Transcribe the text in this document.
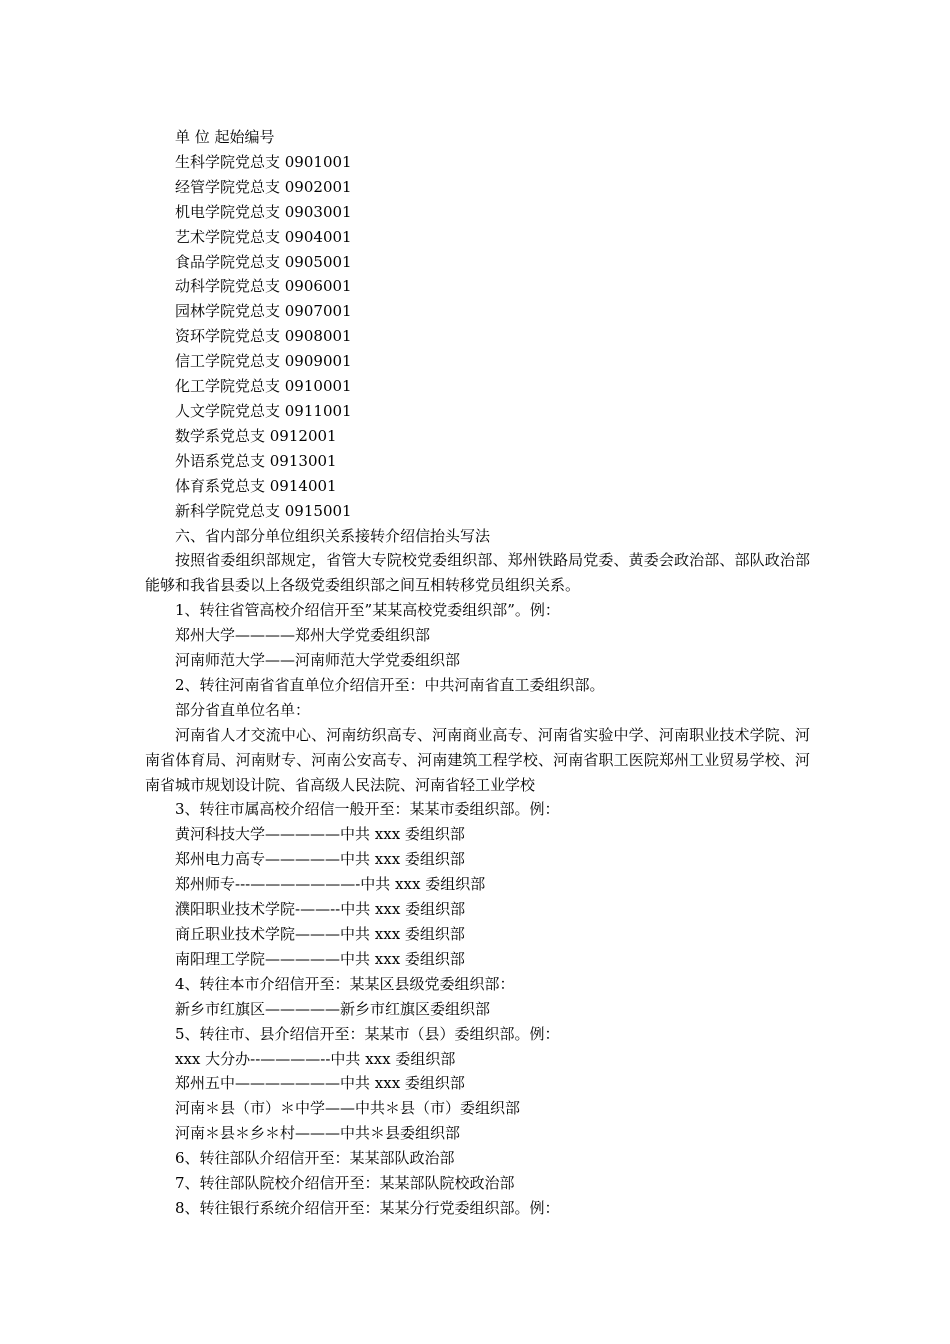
单 位 起始编号

生科学院党总支 0901001

经管学院党总支 0902001

机电学院党总支 0903001

艺术学院党总支 0904001

食品学院党总支 0905001

动科学院党总支 0906001

园林学院党总支 0907001

资环学院党总支 0908001

信工学院党总支 0909001

化工学院党总支 0910001

人文学院党总支 0911001

数学系党总支 0912001

外语系党总支 0913001

体育系党总支 0914001

新科学院党总支 0915001

六、省内部分单位组织关系接转介绍信抬头写法

按照省委组织部规定，省管大专院校党委组织部、郑州铁路局党委、黄委会政治部、部队政治部能够和我省县委以上各级党委组织部之间互相转移党员组织关系。

1、转往省管高校介绍信开至”某某高校党委组织部”。例：

郑州大学————郑州大学党委组织部

河南师范大学——河南师范大学党委组织部

2、转往河南省省直单位介绍信开至：中共河南省直工委组织部。

部分省直单位名单：

河南省人才交流中心、河南纺织高专、河南商业高专、河南省实验中学、河南职业技术学院、河南省体育局、河南财专、河南公安高专、河南建筑工程学校、河南省职工医院郑州工业贸易学校、河南省城市规划设计院、省高级人民法院、河南省轻工业学校

3、转往市属高校介绍信一般开至：某某市委组织部。例：

黄河科技大学—————中共 xxx 委组织部

郑州电力高专—————中共 xxx 委组织部

郑州师专---———————-中共 xxx 委组织部

濮阳职业技术学院-——--中共 xxx 委组织部

商丘职业技术学院———中共 xxx 委组织部

南阳理工学院—————中共 xxx 委组织部

4、转往本市介绍信开至：某某区县级党委组织部：

新乡市红旗区—————新乡市红旗区委组织部

5、转往市、县介绍信开至：某某市（县）委组织部。例：

xxx 大分办--————--中共 xxx 委组织部

郑州五中———————中共 xxx 委组织部

河南＊县（市）＊中学——中共＊县（市）委组织部

河南＊县＊乡＊村———中共＊县委组织部

6、转往部队介绍信开至：某某部队政治部

7、转往部队院校介绍信开至：某某部队院校政治部

8、转往银行系统介绍信开至：某某分行党委组织部。例：
